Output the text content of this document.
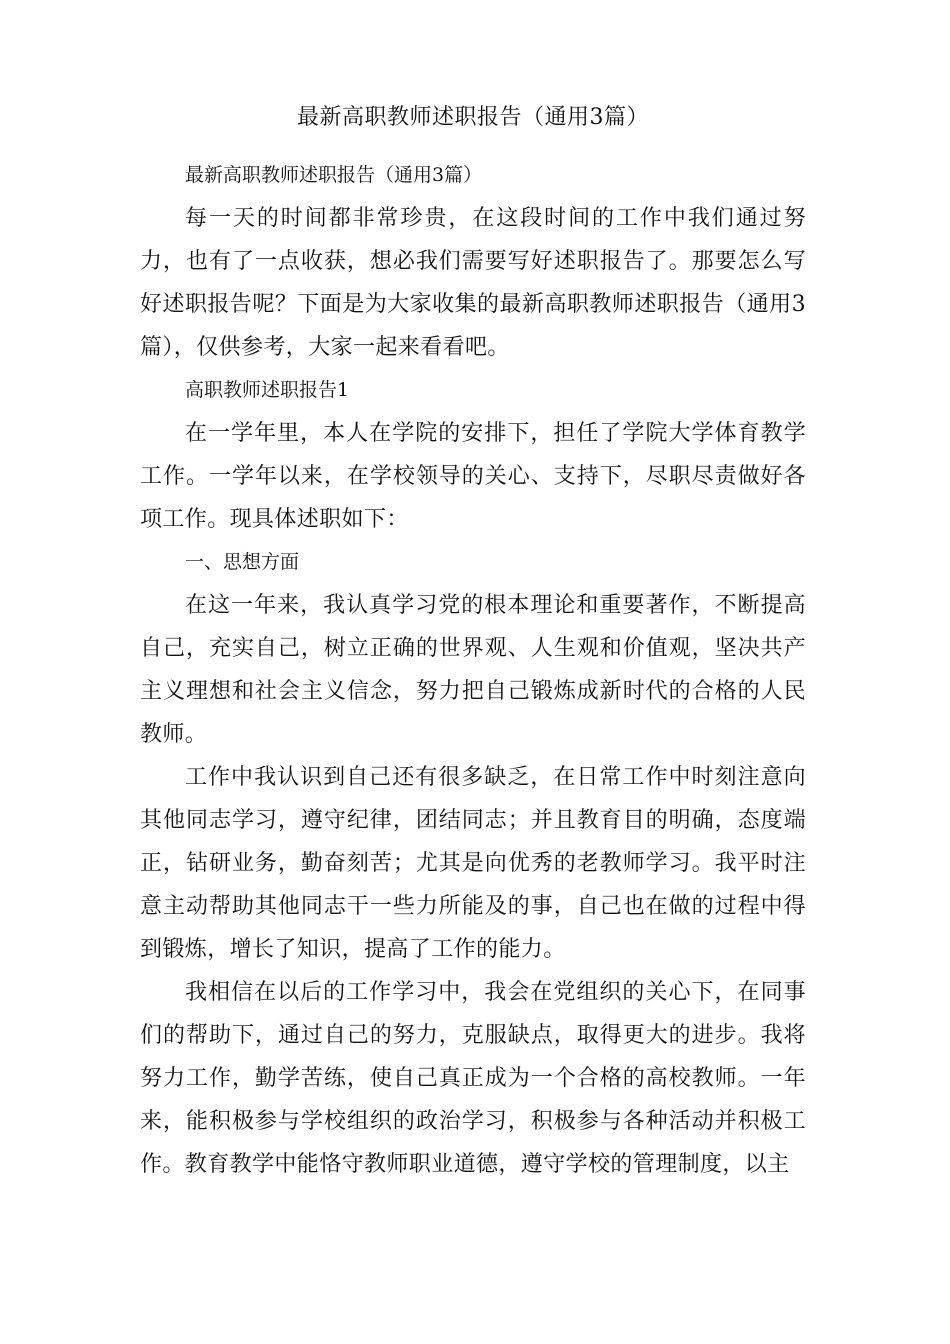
最新高职教师述职报告（通用3篇）

最新高职教师述职报告（通用3篇）

每一天的时间都非常珍贵，在这段时间的工作中我们通过努力，也有了一点收获，想必我们需要写好述职报告了。那要怎么写好述职报告呢？下面是为大家收集的最新高职教师述职报告（通用3篇），仅供参考，大家一起来看看吧。

高职教师述职报告1

在一学年里，本人在学院的安排下，担任了学院大学体育教学工作。一学年以来，在学校领导的关心、支持下，尽职尽责做好各项工作。现具体述职如下：

一、思想方面

在这一年来，我认真学习党的根本理论和重要著作，不断提高自己，充实自己，树立正确的世界观、人生观和价值观，坚决共产主义理想和社会主义信念，努力把自己锻炼成新时代的合格的人民教师。

工作中我认识到自己还有很多缺乏，在日常工作中时刻注意向其他同志学习，遵守纪律，团结同志；并且教育目的明确，态度端正，钻研业务，勤奋刻苦；尤其是向优秀的老教师学习。我平时注意主动帮助其他同志干一些力所能及的事，自己也在做的过程中得到锻炼，增长了知识，提高了工作的能力。

我相信在以后的工作学习中，我会在党组织的关心下，在同事们的帮助下，通过自己的努力，克服缺点，取得更大的进步。我将努力工作，勤学苦练，使自己真正成为一个合格的高校教师。一年来，能积极参与学校组织的政治学习，积极参与各种活动并积极工作。教育教学中能恪守教师职业道德，遵守学校的管理制度，以主
